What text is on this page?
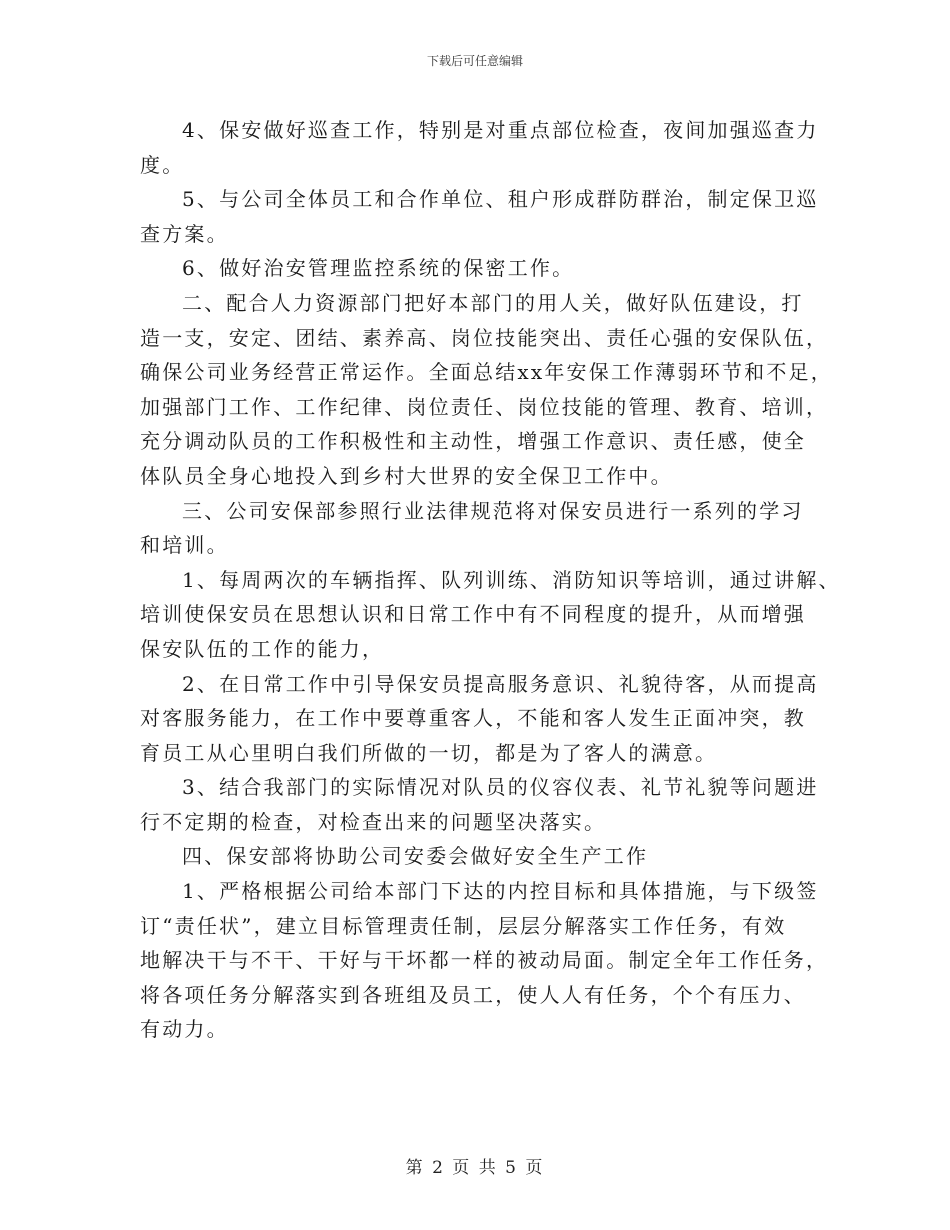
下载后可任意编辑
4、保安做好巡查工作，特别是对重点部位检查，夜间加强巡查力
度。
5、与公司全体员工和合作单位、租户形成群防群治，制定保卫巡
查方案。
6、做好治安管理监控系统的保密工作。
二、配合人力资源部门把好本部门的用人关，做好队伍建设，打
造一支，安定、团结、素养高、岗位技能突出、责任心强的安保队伍，
确保公司业务经营正常运作。全面总结xx年安保工作薄弱环节和不足，
加强部门工作、工作纪律、岗位责任、岗位技能的管理、教育、培训，
充分调动队员的工作积极性和主动性，增强工作意识、责任感，使全
体队员全身心地投入到乡村大世界的安全保卫工作中。
三、公司安保部参照行业法律规范将对保安员进行一系列的学习
和培训。
1、每周两次的车辆指挥、队列训练、消防知识等培训，通过讲解、
培训使保安员在思想认识和日常工作中有不同程度的提升，从而增强
保安队伍的工作的能力，
2、在日常工作中引导保安员提高服务意识、礼貌待客，从而提高
对客服务能力，在工作中要尊重客人，不能和客人发生正面冲突，教
育员工从心里明白我们所做的一切，都是为了客人的满意。
3、结合我部门的实际情况对队员的仪容仪表、礼节礼貌等问题进
行不定期的检查，对检查出来的问题坚决落实。
四、保安部将协助公司安委会做好安全生产工作
1、严格根据公司给本部门下达的内控目标和具体措施，与下级签
订“责任状”，建立目标管理责任制，层层分解落实工作任务，有效
地解决干与不干、干好与干坏都一样的被动局面。制定全年工作任务，
将各项任务分解落实到各班组及员工，使人人有任务，个个有压力、
有动力。
第 2 页 共 5 页
